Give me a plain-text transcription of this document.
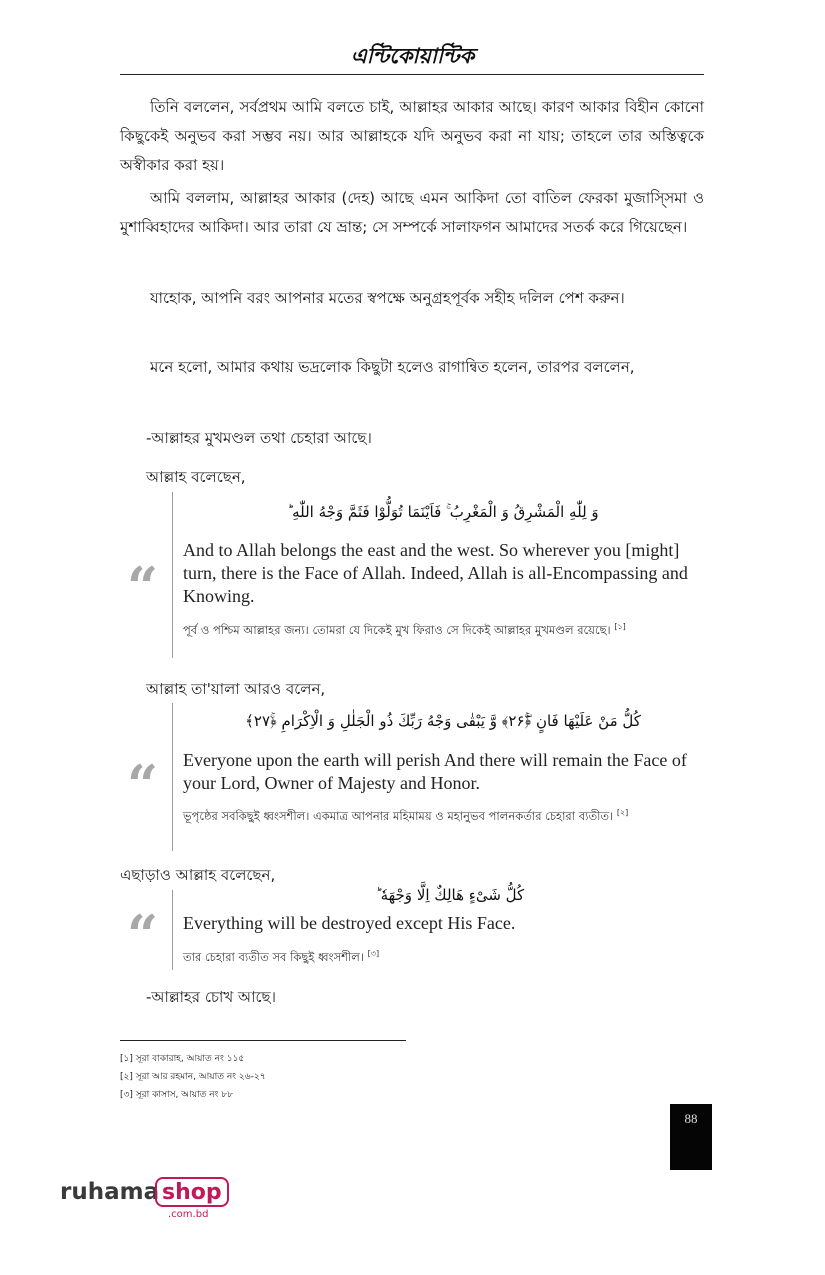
এন্টিকোয়ান্টিক
তিনি বললেন, সর্বপ্রথম আমি বলতে চাই, আল্লাহর আকার আছে। কারণ আকার বিহীন কোনো কিছুকেই অনুভব করা সম্ভব নয়। আর আল্লাহকে যদি অনুভব করা না যায়; তাহলে তার অস্তিত্বকে অস্বীকার করা হয়।
আমি বললাম, আল্লাহর আকার (দেহ) আছে এমন আকিদা তো বাতিল ফেরকা মুজাস্সিমা ও মুশাব্বিহাদের আকিদা। আর তারা যে ভ্রান্ত; সে সম্পর্কে সালাফগন আমাদের সতর্ক করে গিয়েছেন।
যাহোক, আপনি বরং আপনার মতের স্বপক্ষে অনুগ্রহপূর্বক সহীহ দলিল পেশ করুন।
মনে হলো, আমার কথায় ভদ্রলোক কিছুটা হলেও রাগান্বিত হলেন, তারপর বললেন,
-আল্লাহর মুখমণ্ডল তথা চেহারা আছে।
আল্লাহ বলেছেন,
“
وَ لِلّٰهِ الْمَشْرِقُ وَ الْمَغْرِبُ ۚ فَاَیْنَمَا تُوَلُّوْا فَثَمَّ وَجْهُ اللّٰهِ ؕ
And to Allah belongs the east and the west. So wherever you [might] turn, there is the Face of Allah. Indeed, Allah is all-Encompassing and Knowing.
পূর্ব ও পশ্চিম আল্লাহর জন্য। তোমরা যে দিকেই মুখ ফিরাও সে দিকেই আল্লাহর মুখমণ্ডল রয়েছে। [১]
আল্লাহ তা'য়ালা আরও বলেন,
“
كُلُّ مَنْ عَلَیْهَا فَانٍ ﴿ۚۖ۲۶﴾ وَّ یَبْقٰی وَجْهُ رَبِّكَ ذُو الْجَلٰلِ وَ الْاِكْرَامِ ﴿ۚ۲۷﴾
Everyone upon the earth will perish And there will remain the Face of your Lord, Owner of Majesty and Honor.
ভূপৃষ্ঠের সবকিছুই ধ্বংসশীল। একমাত্র আপনার মহিমাময় ও মহানুভব পালনকর্তার চেহারা ব্যতীত। [২]
এছাড়াও আল্লাহ বলেছেন,
“
كُلُّ شَیْءٍ هَالِكٌ اِلَّا وَجْهَهٗ ؕ
Everything will be destroyed except His Face.
তার চেহারা ব্যতীত সব কিছুই ধ্বংসশীল। [৩]
-আল্লাহর চোখ আছে।
[১] সূরা বাকারাহ, আয়াত নং ১১৫
[২] সূরা আর রহমান, আয়াত নং ২৬-২৭
[৩] সূরা কাসাস, আয়াত নং ৮৮
88
ruhama shop
.com.bd
